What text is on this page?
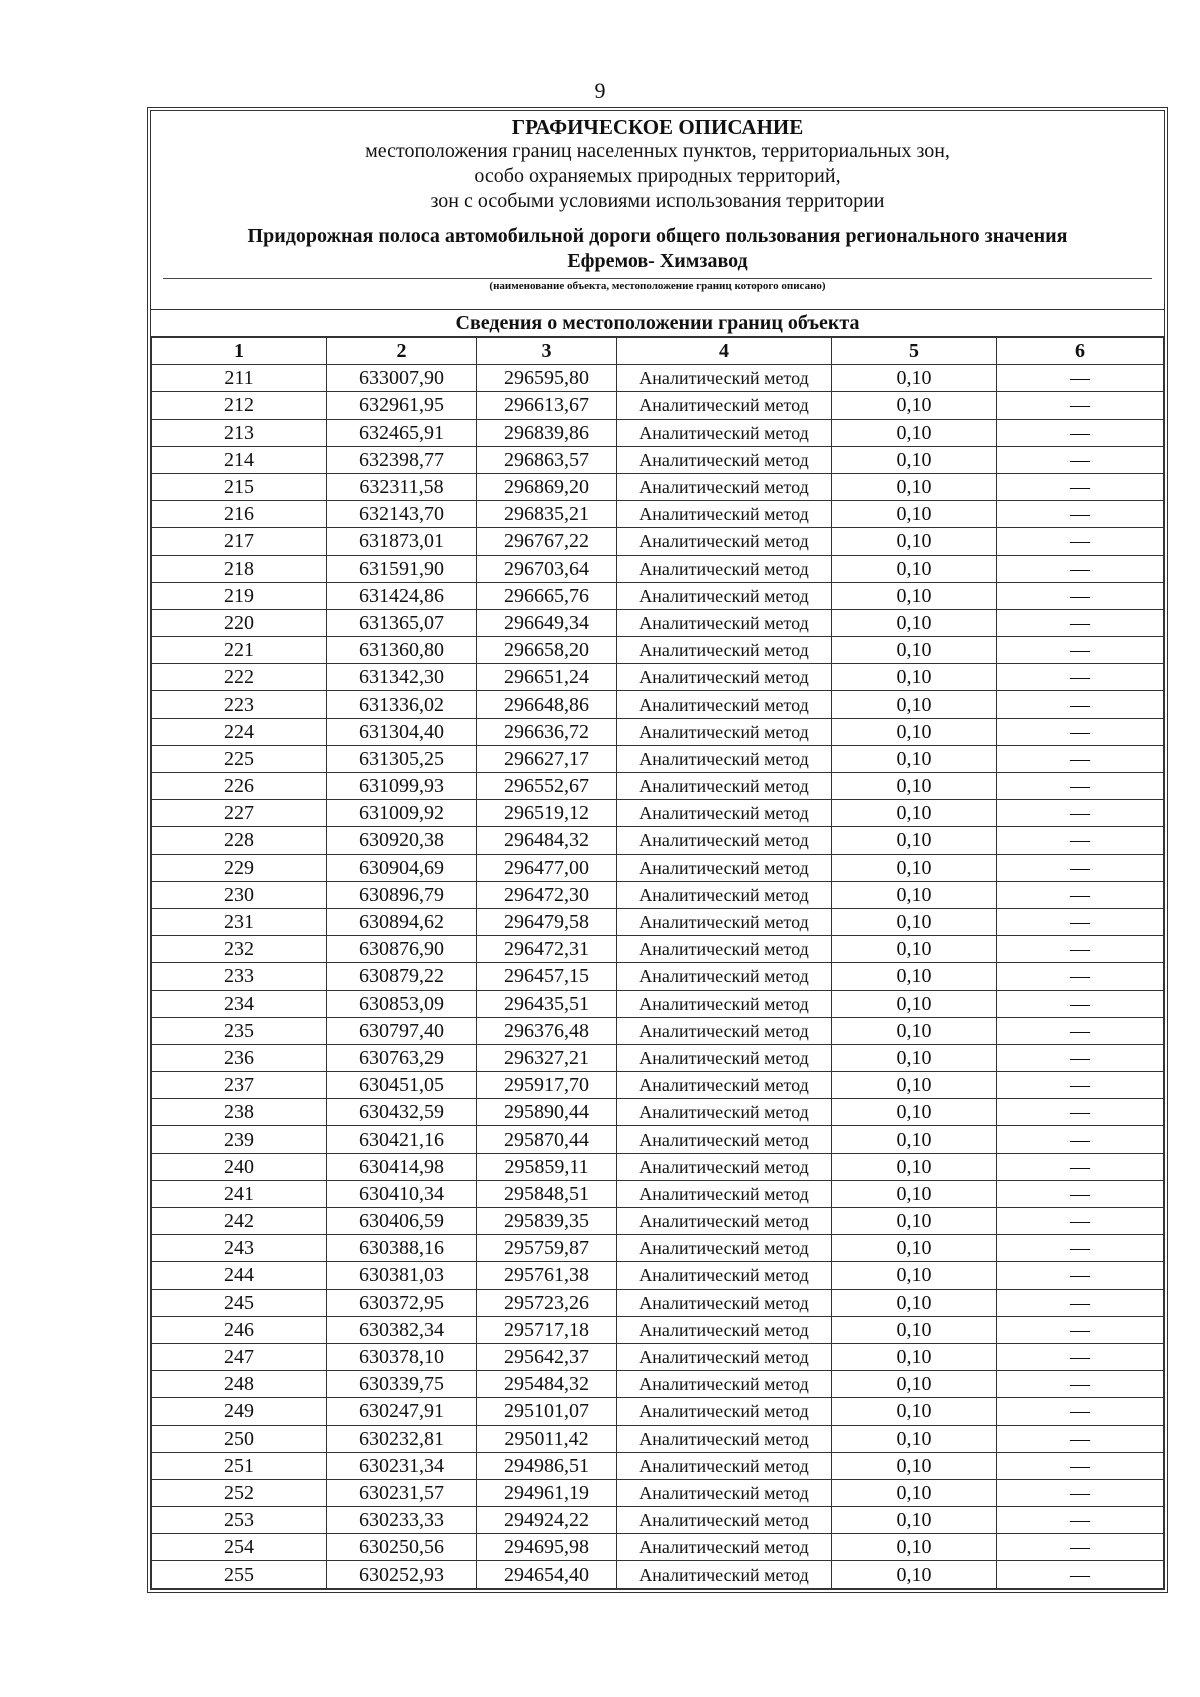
9
ГРАФИЧЕСКОЕ ОПИСАНИЕ
местоположения границ населенных пунктов, территориальных зон,
особо охраняемых природных территорий,
зон с особыми условиями использования территории
Придорожная полоса автомобильной дороги общего пользования регионального значения
Ефремов- Химзавод
(наименование объекта, местоположение границ которого описано)
Сведения о местоположении границ объекта
1	2	3	4	5	6
211	633007,90	296595,80	Аналитический метод	0,10	—
212	632961,95	296613,67	Аналитический метод	0,10	—
213	632465,91	296839,86	Аналитический метод	0,10	—
214	632398,77	296863,57	Аналитический метод	0,10	—
215	632311,58	296869,20	Аналитический метод	0,10	—
216	632143,70	296835,21	Аналитический метод	0,10	—
217	631873,01	296767,22	Аналитический метод	0,10	—
218	631591,90	296703,64	Аналитический метод	0,10	—
219	631424,86	296665,76	Аналитический метод	0,10	—
220	631365,07	296649,34	Аналитический метод	0,10	—
221	631360,80	296658,20	Аналитический метод	0,10	—
222	631342,30	296651,24	Аналитический метод	0,10	—
223	631336,02	296648,86	Аналитический метод	0,10	—
224	631304,40	296636,72	Аналитический метод	0,10	—
225	631305,25	296627,17	Аналитический метод	0,10	—
226	631099,93	296552,67	Аналитический метод	0,10	—
227	631009,92	296519,12	Аналитический метод	0,10	—
228	630920,38	296484,32	Аналитический метод	0,10	—
229	630904,69	296477,00	Аналитический метод	0,10	—
230	630896,79	296472,30	Аналитический метод	0,10	—
231	630894,62	296479,58	Аналитический метод	0,10	—
232	630876,90	296472,31	Аналитический метод	0,10	—
233	630879,22	296457,15	Аналитический метод	0,10	—
234	630853,09	296435,51	Аналитический метод	0,10	—
235	630797,40	296376,48	Аналитический метод	0,10	—
236	630763,29	296327,21	Аналитический метод	0,10	—
237	630451,05	295917,70	Аналитический метод	0,10	—
238	630432,59	295890,44	Аналитический метод	0,10	—
239	630421,16	295870,44	Аналитический метод	0,10	—
240	630414,98	295859,11	Аналитический метод	0,10	—
241	630410,34	295848,51	Аналитический метод	0,10	—
242	630406,59	295839,35	Аналитический метод	0,10	—
243	630388,16	295759,87	Аналитический метод	0,10	—
244	630381,03	295761,38	Аналитический метод	0,10	—
245	630372,95	295723,26	Аналитический метод	0,10	—
246	630382,34	295717,18	Аналитический метод	0,10	—
247	630378,10	295642,37	Аналитический метод	0,10	—
248	630339,75	295484,32	Аналитический метод	0,10	—
249	630247,91	295101,07	Аналитический метод	0,10	—
250	630232,81	295011,42	Аналитический метод	0,10	—
251	630231,34	294986,51	Аналитический метод	0,10	—
252	630231,57	294961,19	Аналитический метод	0,10	—
253	630233,33	294924,22	Аналитический метод	0,10	—
254	630250,56	294695,98	Аналитический метод	0,10	—
255	630252,93	294654,40	Аналитический метод	0,10	—
